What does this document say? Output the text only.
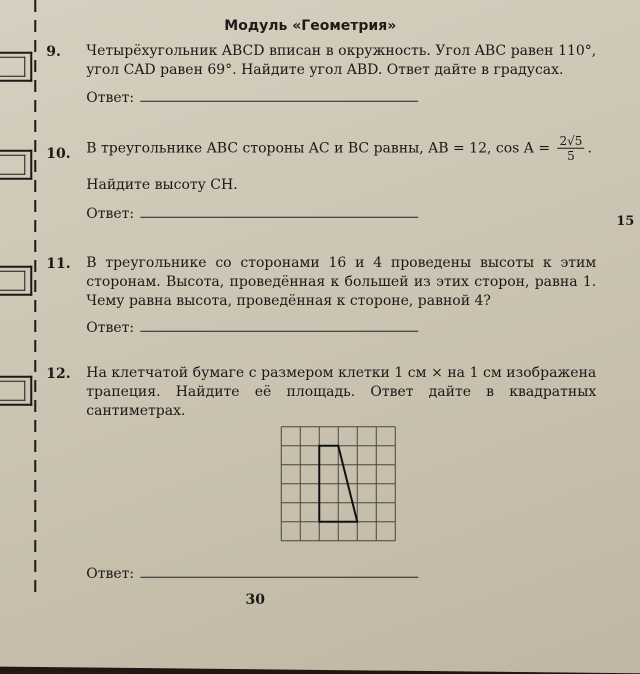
Модуль «Геометрия»
9. Четырёхугольник ABCD вписан в окружность. Угол ABC равен 110°, угол CAD равен 69°. Найдите угол ABD. Ответ дайте в градусах.
Ответ:
10. В треугольнике ABC стороны AC и BC равны, AB = 12, $\cos A = \frac{2√5}{5}$ .
Найдите высоту CH.
Ответ:
11. В треугольнике со сторонами 16 и 4 проведены высоты к этим сторонам. Высота, проведённая к большей из этих сторон, равна 1. Чему равна высота, проведённая к стороне, равной 4?
Ответ:
12. На клетчатой бумаге с размером клетки 1 см × на 1 см изображена трапеция. Найдите её площадь. Ответ дайте в квадратных сантиметрах.
Ответ:
15
30
